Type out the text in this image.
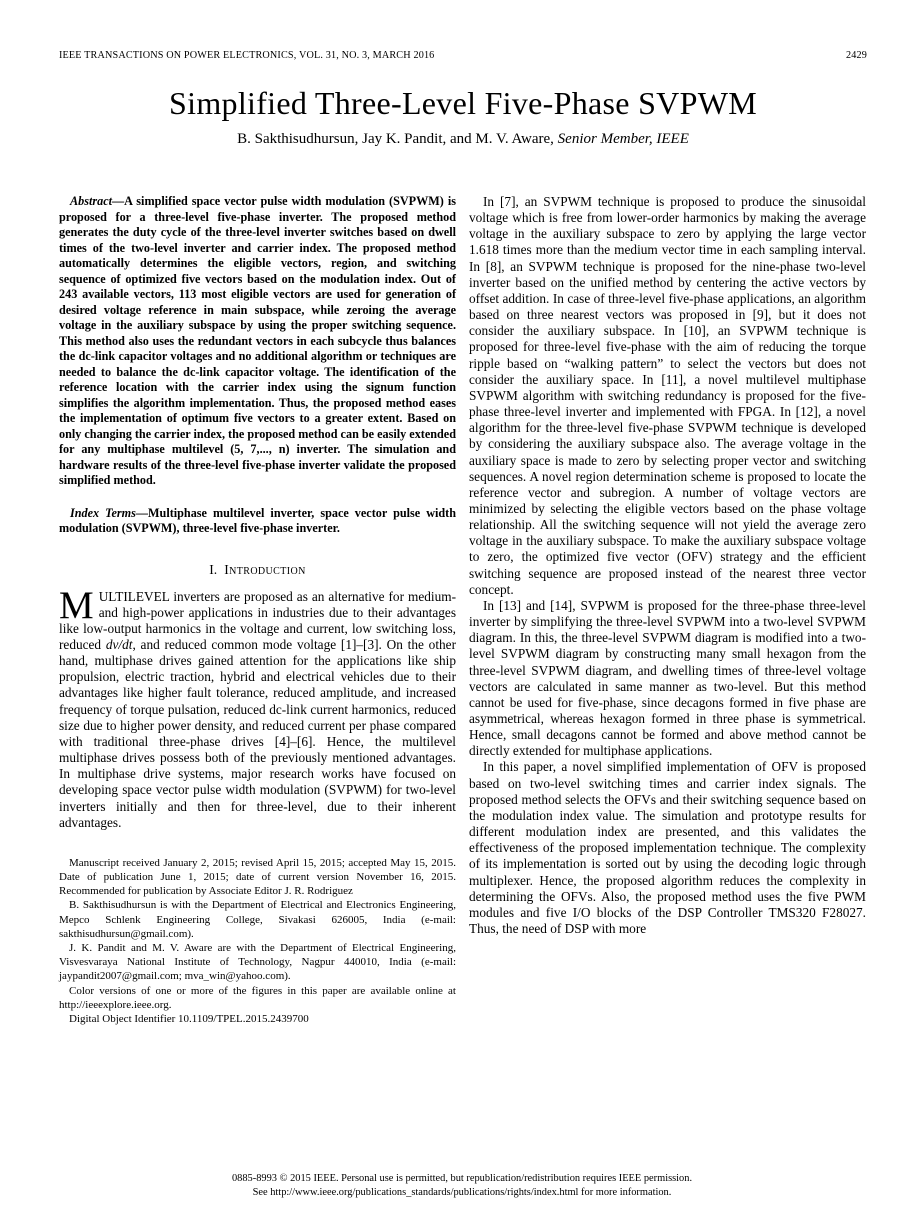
IEEE TRANSACTIONS ON POWER ELECTRONICS, VOL. 31, NO. 3, MARCH 2016	2429
Simplified Three-Level Five-Phase SVPWM
B. Sakthisudhursun, Jay K. Pandit, and M. V. Aware, Senior Member, IEEE

Abstract—A simplified space vector pulse width modulation (SVPWM) is proposed for a three-level five-phase inverter. The proposed method generates the duty cycle of the three-level inverter switches based on dwell times of the two-level inverter and carrier index. The proposed method automatically determines the eligible vectors, region, and switching sequence of optimized five vectors based on the modulation index. Out of 243 available vectors, 113 most eligible vectors are used for generation of desired voltage reference in main subspace, while zeroing the average voltage in the auxiliary subspace by using the proper switching sequence. This method also uses the redundant vectors in each subcycle thus balances the dc-link capacitor voltages and no additional algorithm or techniques are needed to balance the dc-link capacitor voltage. The identification of the reference location with the carrier index using the signum function simplifies the algorithm implementation. Thus, the proposed method eases the implementation of optimum five vectors to a greater extent. Based on only changing the carrier index, the proposed method can be easily extended for any multiphase multilevel (5, 7,..., n) inverter. The simulation and hardware results of the three-level five-phase inverter validate the proposed simplified method.

Index Terms—Multiphase multilevel inverter, space vector pulse width modulation (SVPWM), three-level five-phase inverter.

I. Introduction

MULTILEVEL inverters are proposed as an alternative for medium- and high-power applications in industries due to their advantages like low-output harmonics in the voltage and current, low switching loss, reduced dv/dt, and reduced common mode voltage [1]–[3]. On the other hand, multiphase drives gained attention for the applications like ship propulsion, electric traction, hybrid and electrical vehicles due to their advantages like higher fault tolerance, reduced amplitude, and increased frequency of torque pulsation, reduced dc-link current harmonics, reduced size due to higher power density, and reduced current per phase compared with traditional three-phase drives [4]–[6]. Hence, the multilevel multiphase drives possess both of the previously mentioned advantages. In multiphase drive systems, major research works have focused on developing space vector pulse width modulation (SVPWM) for two-level inverters initially and then for three-level, due to their inherent advantages.

Manuscript received January 2, 2015; revised April 15, 2015; accepted May 15, 2015. Date of publication June 1, 2015; date of current version November 16, 2015. Recommended for publication by Associate Editor J. R. Rodriguez

B. Sakthisudhursun is with the Department of Electrical and Electronics Engineering, Mepco Schlenk Engineering College, Sivakasi 626005, India (e-mail: sakthisudhursun@gmail.com).

J. K. Pandit and M. V. Aware are with the Department of Electrical Engineering, Visvesvaraya National Institute of Technology, Nagpur 440010, India (e-mail: jaypandit2007@gmail.com; mva_win@yahoo.com).

Color versions of one or more of the figures in this paper are available online at http://ieeexplore.ieee.org.

Digital Object Identifier 10.1109/TPEL.2015.2439700

In [7], an SVPWM technique is proposed to produce the sinusoidal voltage which is free from lower-order harmonics by making the average voltage in the auxiliary subspace to zero by applying the large vector 1.618 times more than the medium vector time in each sampling interval. In [8], an SVPWM technique is proposed for the nine-phase two-level inverter based on the unified method by centering the active vectors by offset addition. In case of three-level five-phase applications, an algorithm based on three nearest vectors was proposed in [9], but it does not consider the auxiliary subspace. In [10], an SVPWM technique is proposed for three-level five-phase with the aim of reducing the torque ripple based on “walking pattern” to select the vectors but does not consider the auxiliary space. In [11], a novel multilevel multiphase SVPWM algorithm with switching redundancy is proposed for the five-phase three-level inverter and implemented with FPGA. In [12], a novel algorithm for the three-level five-phase SVPWM technique is developed by considering the auxiliary subspace also. The average voltage in the auxiliary space is made to zero by selecting proper vector and switching sequences. A novel region determination scheme is proposed to locate the reference vector and subregion. A number of voltage vectors are minimized by selecting the eligible vectors based on the phase voltage relationship. All the switching sequence will not yield the average zero voltage in the auxiliary subspace. To make the auxiliary subspace voltage to zero, the optimized five vector (OFV) strategy and the efficient switching sequence are proposed instead of the nearest three vector concept.

In [13] and [14], SVPWM is proposed for the three-phase three-level inverter by simplifying the three-level SVPWM into a two-level SVPWM diagram. In this, the three-level SVPWM diagram is modified into a two-level SVPWM diagram by constructing many small hexagon from the three-level SVPWM diagram, and dwelling times of three-level voltage vectors are calculated in same manner as two-level. But this method cannot be used for five-phase, since decagons formed in five phase are asymmetrical, whereas hexagon formed in three phase is symmetrical. Hence, small decagons cannot be formed and above method cannot be directly extended for multiphase applications.

In this paper, a novel simplified implementation of OFV is proposed based on two-level switching times and carrier index signals. The proposed method selects the OFVs and their switching sequence based on the modulation index value. The simulation and prototype results for different modulation index are presented, and this validates the effectiveness of the proposed implementation technique. The complexity of its implementation is sorted out by using the decoding logic through multiplexer. Hence, the proposed algorithm reduces the complexity in determining the OFVs. Also, the proposed method uses the five PWM modules and five I/O blocks of the DSP Controller TMS320 F28027. Thus, the need of DSP with more

0885-8993 © 2015 IEEE. Personal use is permitted, but republication/redistribution requires IEEE permission.
See http://www.ieee.org/publications_standards/publications/rights/index.html for more information.
